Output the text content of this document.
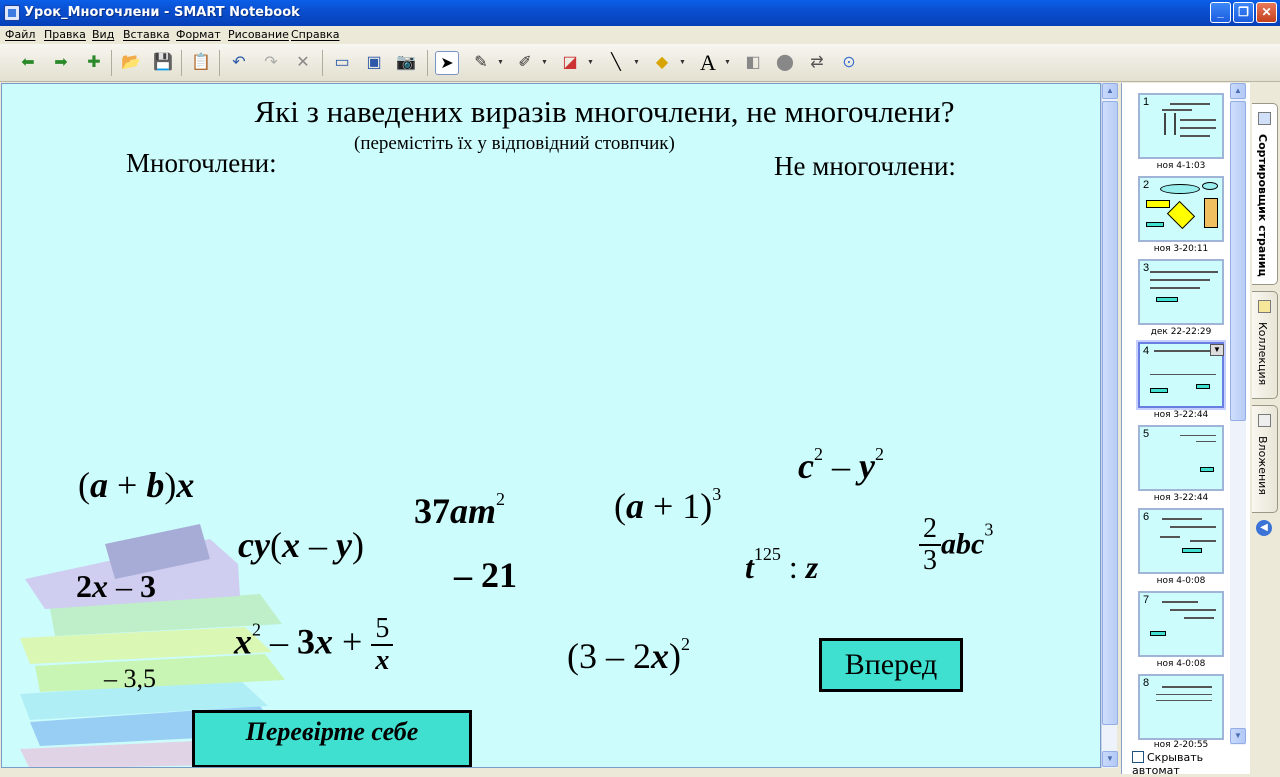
Урок_Многочлени - SMART Notebook	_	❐	✕
Файл Правка Вид Вставка Формат Рисование Справка
⬅	➡	✚	📂 💾 📋	↶	↷	✕	▭ ▣ 📷	➤	✎	▼ ✐	▼ ◪	▼	╲	▼ ◆	▼ A	▼ ◧ ⬤	⇄	⊙
Які з наведених виразів многочлени, не многочлени?
(перемістіть їх у відповідний стовпчик)
Многочлени:	Не многочлени:
(a + b)x
$37am^2$	$(a + 1)^3$
$c^2 - y^2$
cy(x – y)
– 21	$t^{125}$ : z	$\frac{2}{3} abc^3$
2x – 3
$x^2 - 3x + \frac{5}{x}$	(3 – 2x)$^2$
– 3,5	Вперед
Перевірте себе
▲
▼
1
ноя 4-1:03
2
ноя 3-20:11
3
дек 22-22:29
4	▼
ноя 3-22:44
5
ноя 3-22:44
6
ноя 4-0:08
7
ноя 4-0:08
8
ноя 2-20:55
▲
▼
Скрывать автомат
Сортировщик страниц
Коллекция
Вложения
◀
